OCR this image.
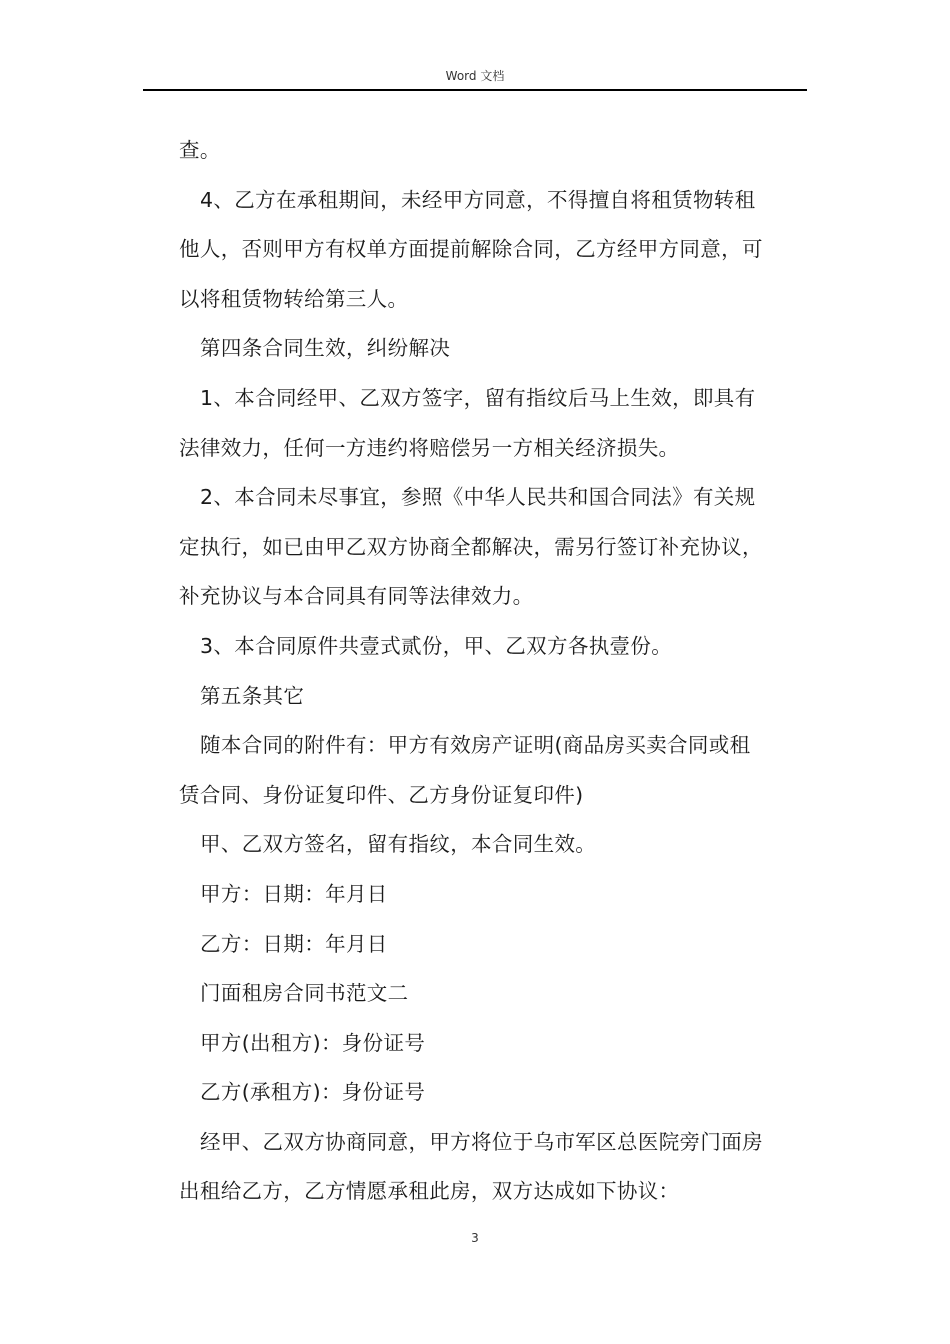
Word 文档
查。
4、乙方在承租期间，未经甲方同意，不得擅自将租赁物转租
他人，否则甲方有权单方面提前解除合同，乙方经甲方同意，可
以将租赁物转给第三人。
第四条合同生效，纠纷解决
1、本合同经甲、乙双方签字，留有指纹后马上生效，即具有
法律效力，任何一方违约将赔偿另一方相关经济损失。
2、本合同未尽事宜，参照《中华人民共和国合同法》有关规
定执行，如已由甲乙双方协商全都解决，需另行签订补充协议，
补充协议与本合同具有同等法律效力。
3、本合同原件共壹式贰份，甲、乙双方各执壹份。
第五条其它
随本合同的附件有：甲方有效房产证明(商品房买卖合同或租
赁合同、身份证复印件、乙方身份证复印件)
甲、乙双方签名，留有指纹，本合同生效。
甲方：日期：年月日
乙方：日期：年月日
门面租房合同书范文二
甲方(出租方)：身份证号
乙方(承租方)：身份证号
经甲、乙双方协商同意，甲方将位于乌市军区总医院旁门面房
出租给乙方，乙方情愿承租此房，双方达成如下协议：
3
